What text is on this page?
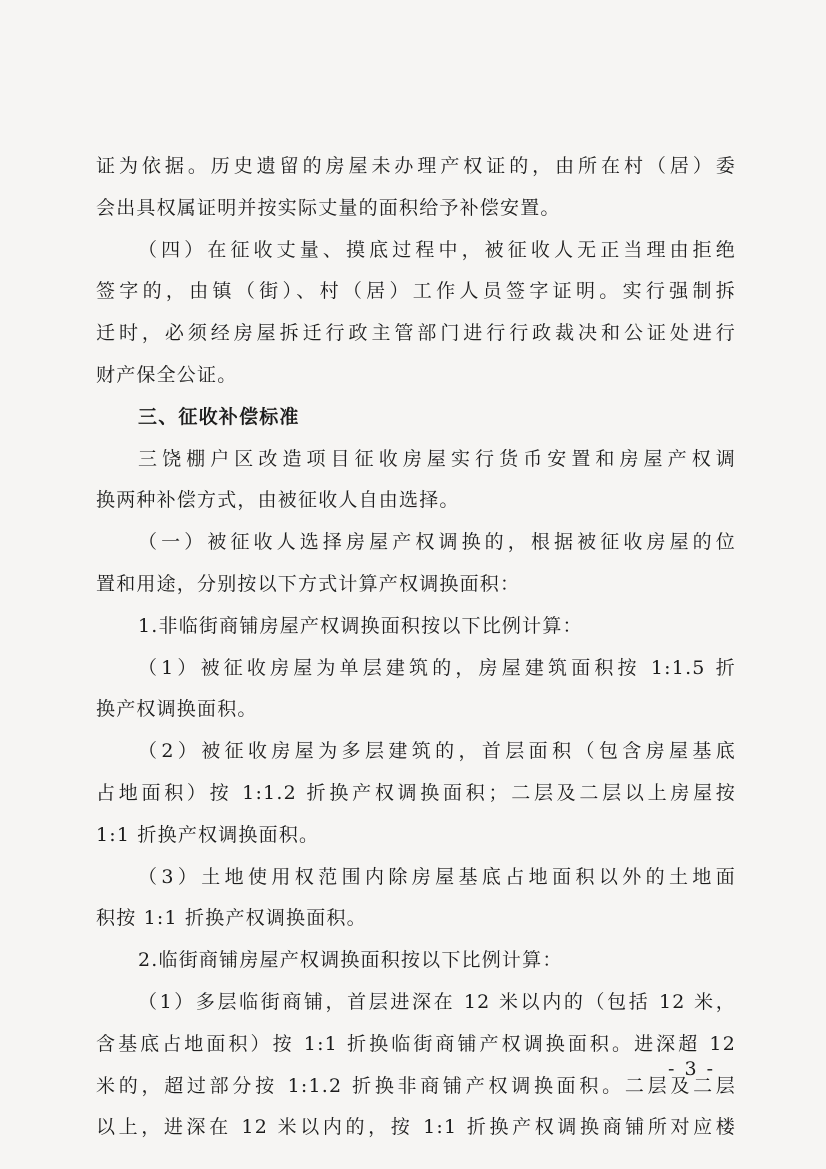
证为依据。历史遗留的房屋未办理产权证的，由所在村（居）委
会出具权属证明并按实际丈量的面积给予补偿安置。
（四）在征收丈量、摸底过程中，被征收人无正当理由拒绝
签字的，由镇（街）、村（居）工作人员签字证明。实行强制拆
迁时，必须经房屋拆迁行政主管部门进行行政裁决和公证处进行
财产保全公证。
三、征收补偿标准
三饶棚户区改造项目征收房屋实行货币安置和房屋产权调
换两种补偿方式，由被征收人自由选择。
（一）被征收人选择房屋产权调换的，根据被征收房屋的位
置和用途，分别按以下方式计算产权调换面积：
1.非临街商铺房屋产权调换面积按以下比例计算：
（1）被征收房屋为单层建筑的，房屋建筑面积按 1:1.5 折
换产权调换面积。
（2）被征收房屋为多层建筑的，首层面积（包含房屋基底
占地面积）按 1:1.2 折换产权调换面积；二层及二层以上房屋按
1:1 折换产权调换面积。
（3）土地使用权范围内除房屋基底占地面积以外的土地面
积按 1:1 折换产权调换面积。
2.临街商铺房屋产权调换面积按以下比例计算：
（1）多层临街商铺，首层进深在 12 米以内的（包括 12 米，
含基底占地面积）按 1:1 折换临街商铺产权调换面积。进深超 12
米的，超过部分按 1:1.2 折换非商铺产权调换面积。二层及二层
以上，进深在 12 米以内的，按 1:1 折换产权调换商铺所对应楼
- 3 -
